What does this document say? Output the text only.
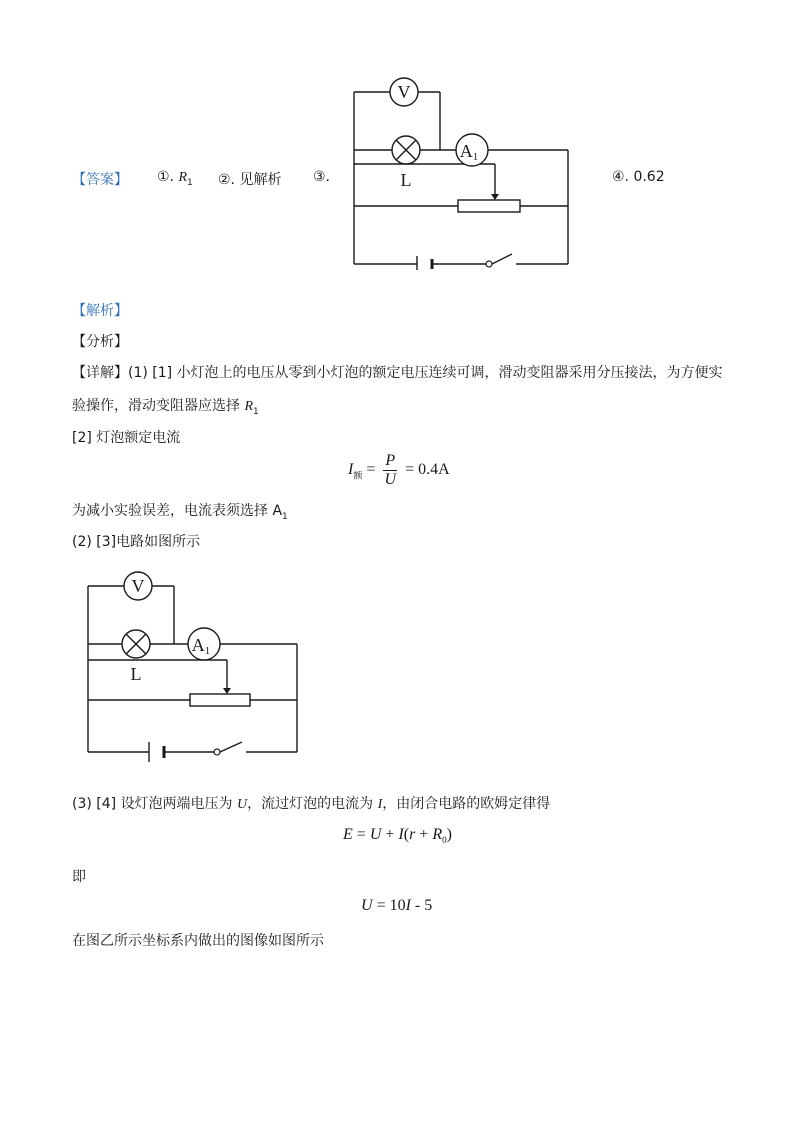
【答案】 ①. $R_1$ ②. 见解析 ③.	④. 0.62
V
L
A1
【解析】
【分析】
【详解】(1) [1] 小灯泡上的电压从零到小灯泡的额定电压连续可调，滑动变阻器采用分压接法，为方便实
验操作，滑动变阻器应选择 $R_1$
[2] 灯泡额定电流
$I_额 = \frac{P}{U} = 0.4A$
为减小实验误差，电流表须选择 $A_1$
(2) [3]电路如图所示
V
L
A1
(3) [4] 设灯泡两端电压为 U，流过灯泡的电流为 I，由闭合电路的欧姆定律得
$E = U + I(r + R_0)$
即
U = 10I - 5
在图乙所示坐标系内做出的图像如图所示
